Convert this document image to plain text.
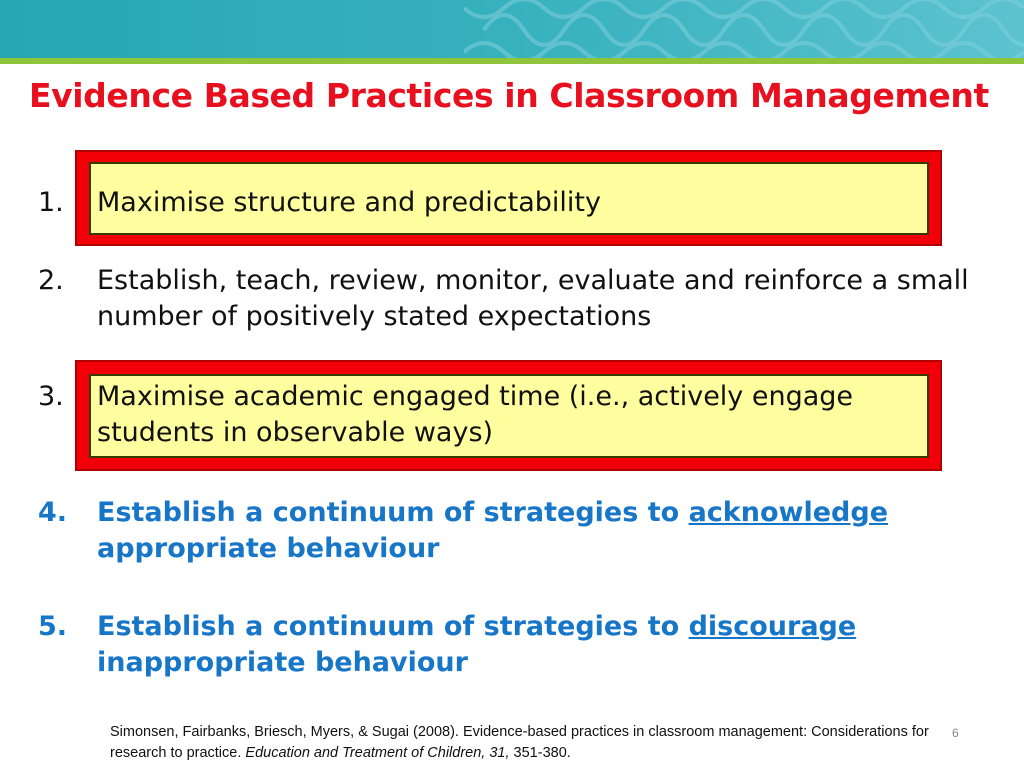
Evidence Based Practices in Classroom Management
1. Maximise structure and predictability
2. Establish, teach, review, monitor, evaluate and reinforce a small number of positively stated expectations
3. Maximise academic engaged time (i.e., actively engage students in observable ways)
4. Establish a continuum of strategies to acknowledge
appropriate behaviour
5. Establish a continuum of strategies to discourage
inappropriate behaviour
Simonsen, Fairbanks, Briesch, Myers, & Sugai (2008). Evidence-based practices in classroom management: Considerations for research to practice. Education and Treatment of Children, 31, 351-380.
6
